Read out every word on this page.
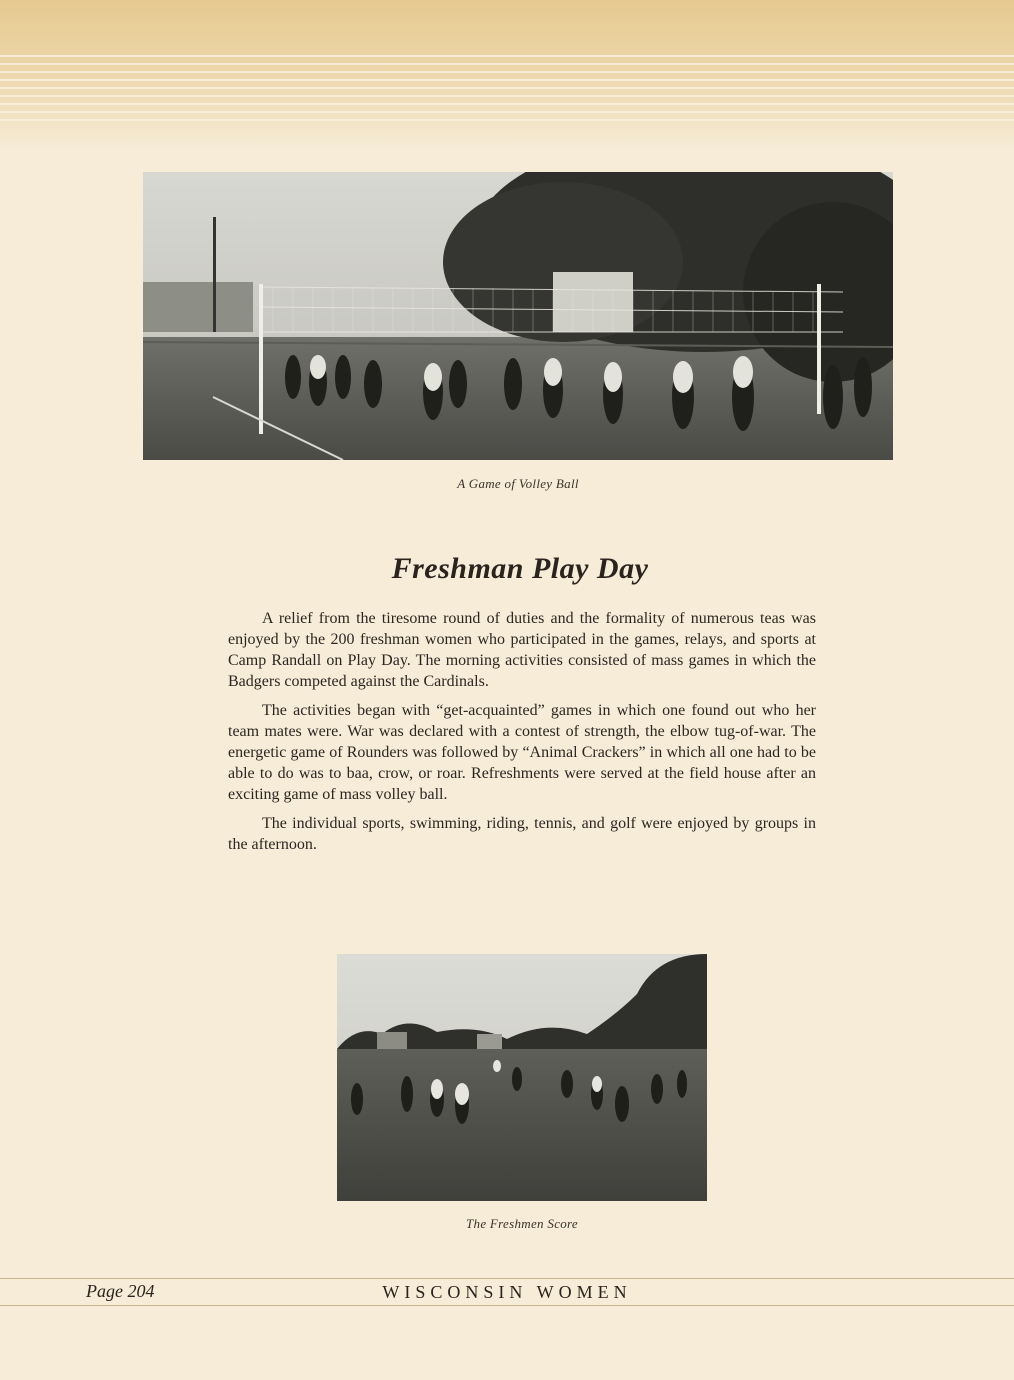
A Game of Volley Ball
Freshman Play Day

A relief from the tiresome round of duties and the formality of numerous teas was enjoyed by the 200 freshman women who participated in the games, relays, and sports at Camp Randall on Play Day. The morning activities consisted of mass games in which the Badgers competed against the Cardinals.

The activities began with “get-acquainted” games in which one found out who her team mates were. War was declared with a contest of strength, the elbow tug-of-war. The energetic game of Rounders was followed by “Animal Crackers” in which all one had to be able to do was to baa, crow, or roar. Refreshments were served at the field house after an exciting game of mass volley ball.

The individual sports, swimming, riding, tennis, and golf were enjoyed by groups in the afternoon.

The Freshmen Score
Page 204	WISCONSIN WOMEN
